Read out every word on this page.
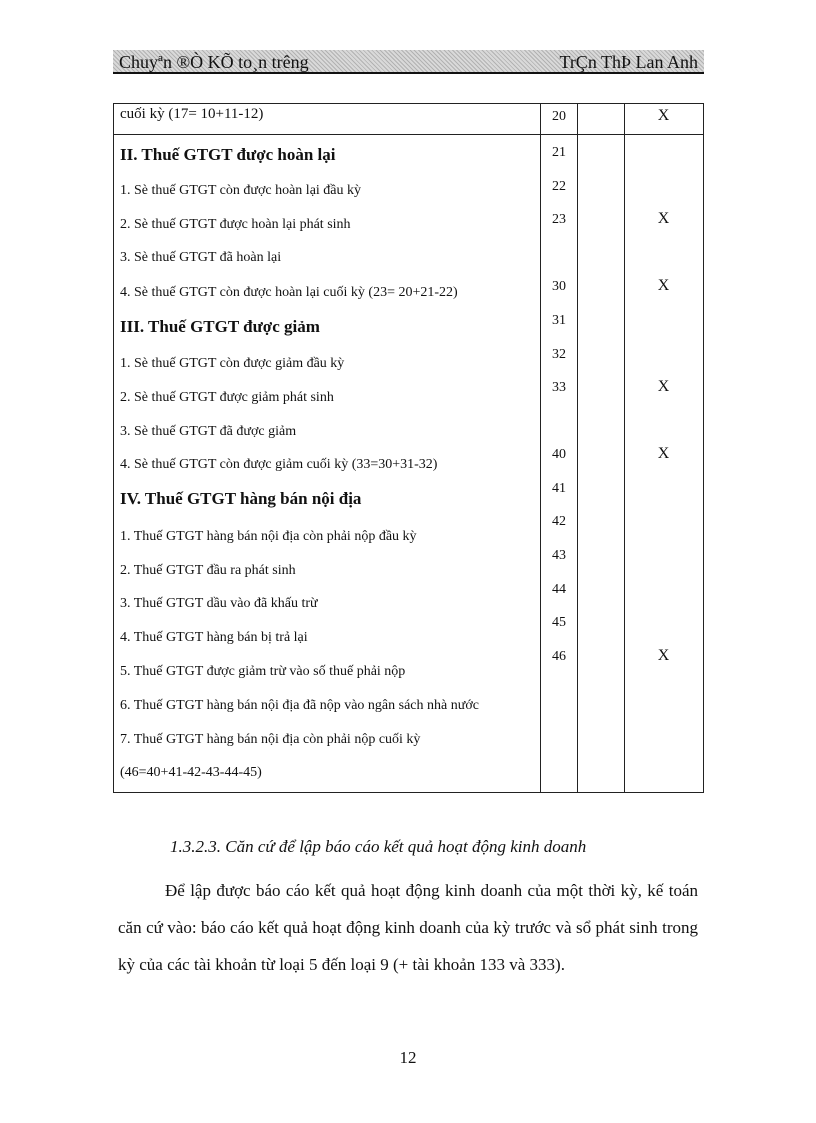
Chuyªn ®Ò KÕ to¸n trêng	TrÇn ThÞ Lan Anh
cuối kỳ (17= 10+11-12)
II. Thuế GTGT được hoàn lại
1. Sè thuế GTGT còn được hoàn lại đầu kỳ
2. Sè thuế GTGT được hoàn lại phát sinh
3. Sè thuế GTGT đã hoàn lại
4. Sè thuế GTGT còn được hoàn lại cuối kỳ (23= 20+21-22)
III. Thuế GTGT được giảm
1. Sè thuế GTGT còn được giảm đầu kỳ
2. Sè thuế GTGT được giảm phát sinh
3. Sè thuế GTGT đã được giảm
4. Sè thuế GTGT còn được giảm cuối kỳ (33=30+31-32)
IV. Thuế GTGT hàng bán nội địa
1. Thuế GTGT hàng bán nội địa còn phải nộp đầu kỳ
2. Thuế GTGT đầu ra phát sinh
3. Thuế GTGT dầu vào đã khấu trừ
4. Thuế GTGT hàng bán bị trả lại
5. Thuế GTGT được giảm trừ vào số thuế phải nộp
6. Thuế GTGT hàng bán nội địa đã nộp vào ngân sách nhà nước
7. Thuế GTGT hàng bán nội địa còn phải nộp cuối kỳ
(46=40+41-42-43-44-45)
20
21
22
23
30
31
32
33
40
41
42
43
44
45
46
X
X
X
X
X
X
1.3.2.3. Căn cứ để lập báo cáo kết quả hoạt động kinh doanh

Để lập được báo cáo kết quả hoạt động kinh doanh của một thời kỳ, kế toán căn cứ vào: báo cáo kết quả hoạt động kinh doanh của kỳ trước và sổ phát sinh trong kỳ của các tài khoản từ loại 5 đến loại 9 (+ tài khoản 133 và 333).

12
